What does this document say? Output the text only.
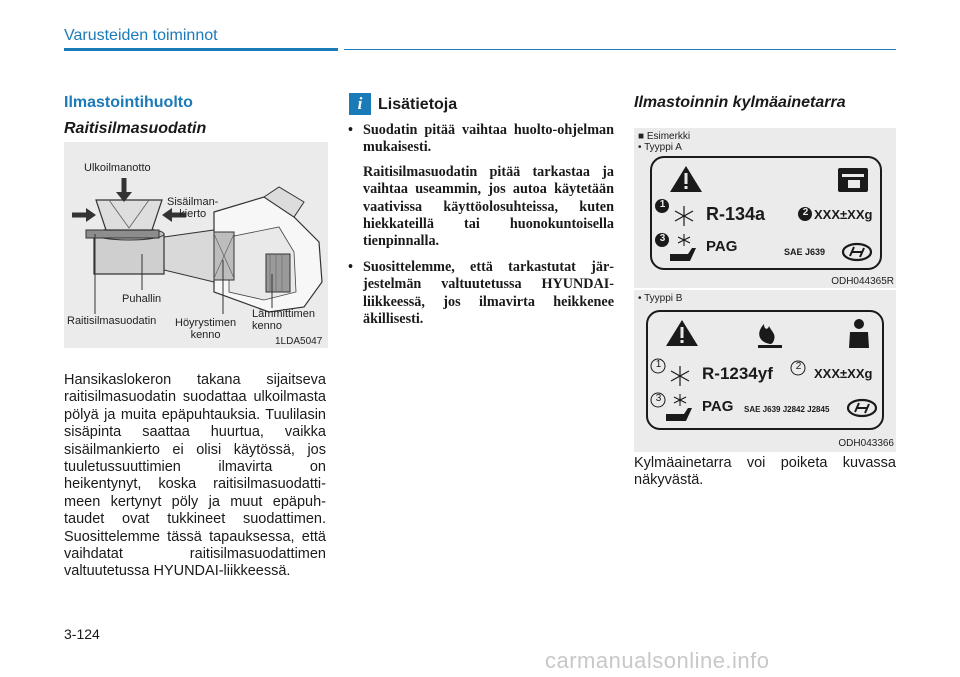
Varusteiden toiminnot
Ilmastointihuolto
Raitisilmasuodatin
Ulkoilmanotto
Sisäilman-
kierto
Puhallin
Raitisilmasuodatin Höyrystimen
kenno
Lämmittimen
kenno
1LDA5047
Hansikaslokeron takana sijaitseva raitisilmasuodatin suodattaa ulkoilmasta pölyä ja muita epäpuhtauksia. Tuulilasin sisäpinta saattaa huurtua, vaikka sisäilmankierto ei olisi käytössä, jos tuuletussuuttimien ilmavirta on heikentynyt, koska raitisilmasuodattimeen kertynyt pöly ja muut epäpuhtaudet ovat tukkineet suodattimen. Suosittelemme tässä tapauksessa, että vaihdatat raitisilmasuodattimen valtuutetussa HYUNDAI-liikkeessä.
i Lisätietoja
• Suodatin pitää vaihtaa huolto-ohjelman mukaisesti.
Raitisilmasuodatin pitää tarkastaa ja vaihtaa useammin, jos autoa käytetään vaativissa käyttöolosuhteissa, kuten hiekkateillä tai huonokuntoisella tienpinnalla.
• Suosittelemme, että tarkastutat järjestelmän valtuutetussa HYUNDAI-liikkeessä, jos ilmavirta heikkenee äkillisesti.
Ilmastoinnin kylmäainetarra
■ Esimerkki
• Tyyppi A
1
2
3
R-134a	XXX±XXg
PAG	SAE J639
ODH044365R
• Tyyppi B
1	2
3
R-1234yf	XXX±XXg
PAG SAE J639 J2842 J2845
ODH043366
Kylmäainetarra voi poiketa kuvassa näkyvästä.
3-124
carmanualsonline.info
